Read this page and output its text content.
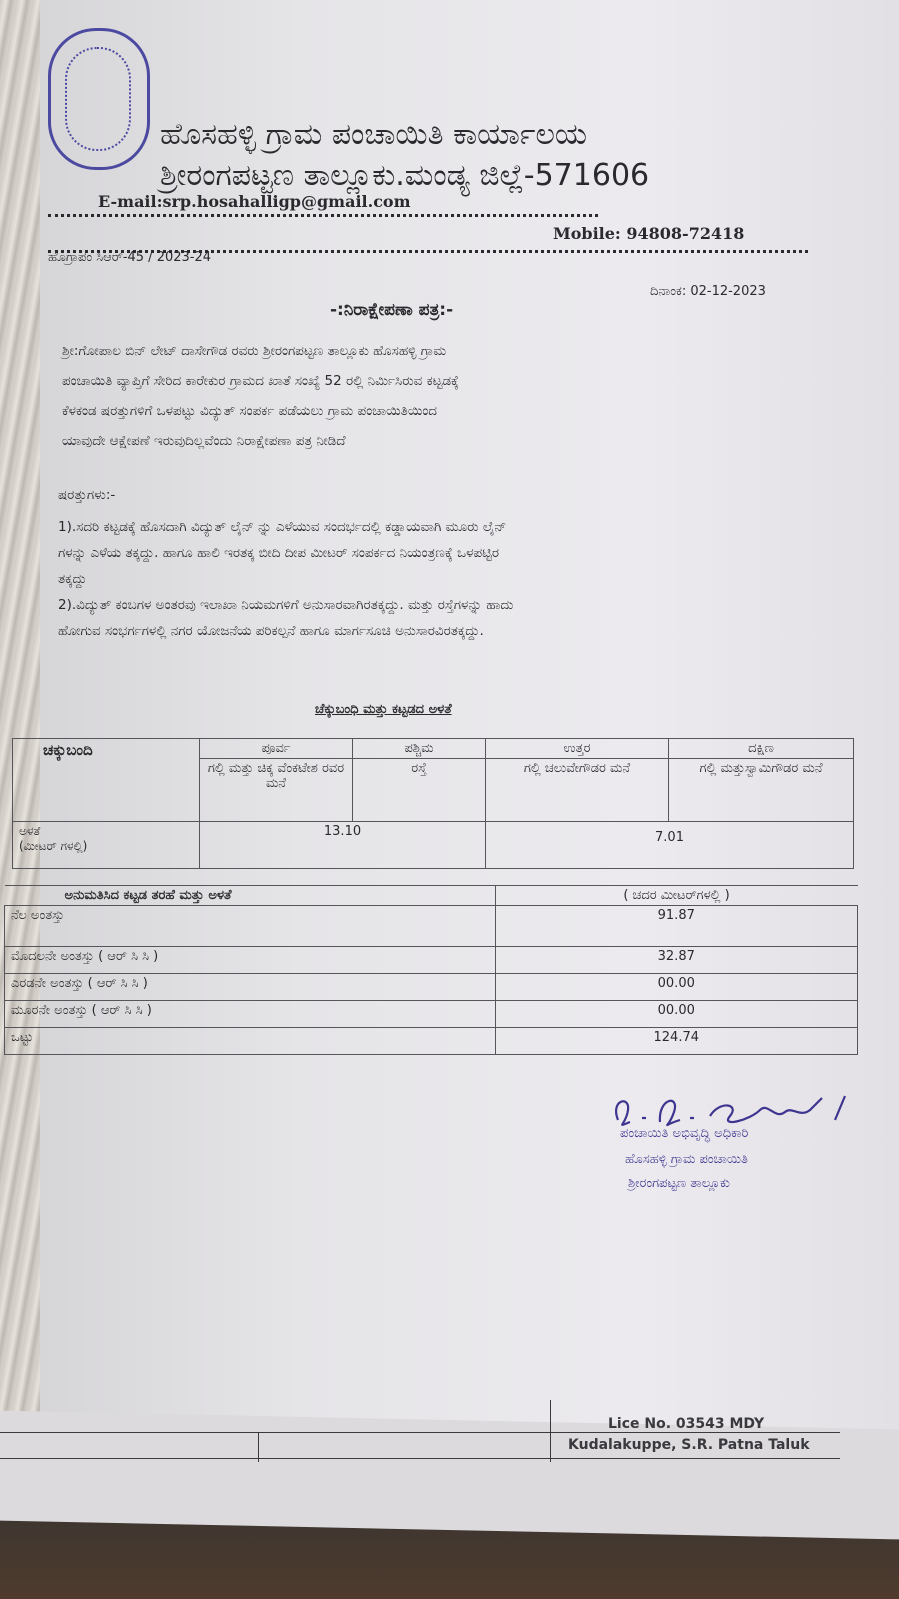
ಹೊಸಹಳ್ಳಿ ಗ್ರಾಮ ಪಂಚಾಯಿತಿ ಕಾರ್ಯಾಲಯ
ಶ್ರೀರಂಗಪಟ್ಟಣ ತಾಲ್ಲೂಕು.ಮಂಡ್ಯ ಜಿಲ್ಲೆ-571606
E-mail:srp.hosahalligp@gmail.com
Mobile: 94808-72418
ಹೊಗ್ರಾಪಂ ಸಿಆರ್-45 / 2023-24
ದಿನಾಂಕ: 02-12-2023
-:ನಿರಾಕ್ಷೇಪಣಾ ಪತ್ರ:-
ಶ್ರೀ:ಗೋಪಾಲ ಬಿನ್ ಲೇಟ್ ದಾಸೇಗೌಡ ರವರು ಶ್ರೀರಂಗಪಟ್ಟಣ ತಾಲ್ಲೂಕು ಹೊಸಹಳ್ಳಿ ಗ್ರಾಮ
ಪಂಚಾಯಿತಿ ವ್ಯಾಪ್ತಿಗೆ ಸೇರಿದ ಕಾರೇಕುರ ಗ್ರಾಮದ ಖಾತೆ ಸಂಖ್ಯೆ 52 ರಲ್ಲಿ ನಿರ್ಮಿಸಿರುವ ಕಟ್ಟಡಕ್ಕೆ
ಕೆಳಕಂಡ ಷರತ್ತುಗಳಿಗೆ ಒಳಪಟ್ಟು ವಿದ್ಯುತ್ ಸಂಪರ್ಕ ಪಡೆಯಲು ಗ್ರಾಮ ಪಂಚಾಯಿತಿಯಿಂದ
ಯಾವುದೇ ಆಕ್ಷೇಪಣೆ ಇರುವುದಿಲ್ಲವೆಂದು ನಿರಾಕ್ಷೇಪಣಾ ಪತ್ರ ನೀಡಿದೆ
ಷರತ್ತುಗಳು:-
1).ಸದರಿ ಕಟ್ಟಡಕ್ಕೆ ಹೊಸದಾಗಿ ವಿದ್ಯುತ್ ಲೈನ್ ನ್ನು ಎಳೆಯುವ ಸಂದರ್ಭದಲ್ಲಿ ಕಡ್ಡಾಯವಾಗಿ ಮೂರು ಲೈನ್
ಗಳನ್ನು ಎಳೆಯ ತಕ್ಕದ್ದು. ಹಾಗೂ ಹಾಲಿ ಇರತಕ್ಕ ಬೀದಿ ದೀಪ ಮೀಟರ್ ಸಂಪರ್ಕದ ನಿಯಂತ್ರಣಕ್ಕೆ ಒಳಪಟ್ಟಿರ
ತಕ್ಕದ್ದು
2).ವಿದ್ಯುತ್ ಕಂಬಗಳ ಅಂತರವು ಇಲಾಖಾ ನಿಯಮಗಳಿಗೆ ಅನುಸಾರವಾಗಿರತಕ್ಕದ್ದು. ಮತ್ತು ರಸ್ತೆಗಳನ್ನು ಹಾದು
ಹೋಗುವ ಸಂಭರ್ಗಗಳಲ್ಲಿ ನಗರ ಯೋಜನೆಯ ಪರಿಕಲ್ಪನೆ ಹಾಗೂ ಮಾರ್ಗಸೂಚಿ ಅನುಸಾರವಿರತಕ್ಕದ್ದು.
ಚೆಕ್ಕುಬಂಧಿ ಮತ್ತು ಕಟ್ಟಡದ ಅಳತೆ
ಚಕ್ಕುಬಂದಿ	ಪೂರ್ವ	ಪಶ್ಚಿಮ	ಉತ್ತರ	ದಕ್ಷಿಣ
	ಗಲ್ಲಿ ಮತ್ತು ಚಿಕ್ಕ ವೆಂಕಟೇಶ ರವರ ಮನೆ	ರಸ್ತೆ	ಗಲ್ಲಿ ಚಲುವೇಗೌಡರ ಮನೆ	ಗಲ್ಲಿ ಮತ್ತುಸ್ವಾಮಿಗೌಡರ ಮನೆ

ಅಳತೆ
(ಮೀಟರ್ ಗಳಲ್ಲಿ)	13.10		7.01	
ಅನುಮತಿಸಿದ ಕಟ್ಟಡ ತರಹೆ ಮತ್ತು ಅಳತೆ	( ಚದರ ಮೀಟರ್‌ಗಳಲ್ಲಿ )
ನೆಲ ಅಂತಸ್ತು	91.87
ಮೊದಲನೇ ಅಂತಸ್ತು ( ಆರ್ ಸಿ ಸಿ )	32.87
ಎರಡನೇ ಅಂತಸ್ತು ( ಆರ್ ಸಿ ಸಿ )	00.00
ಮೂರನೇ ಅಂತಸ್ತು ( ಆರ್ ಸಿ ಸಿ )	00.00
ಒಟ್ಟು	124.74
ಪಂಚಾಯಿತಿ ಅಭಿವೃದ್ಧಿ ಅಧಿಕಾರಿ
ಹೊಸಹಳ್ಳಿ ಗ್ರಾಮ ಪಂಚಾಯಿತಿ
ಶ್ರೀರಂಗಪಟ್ಟಣ ತಾಲ್ಲೂಕು
Lice No. 03543 MDY
Kudalakuppe, S.R. Patna Taluk
